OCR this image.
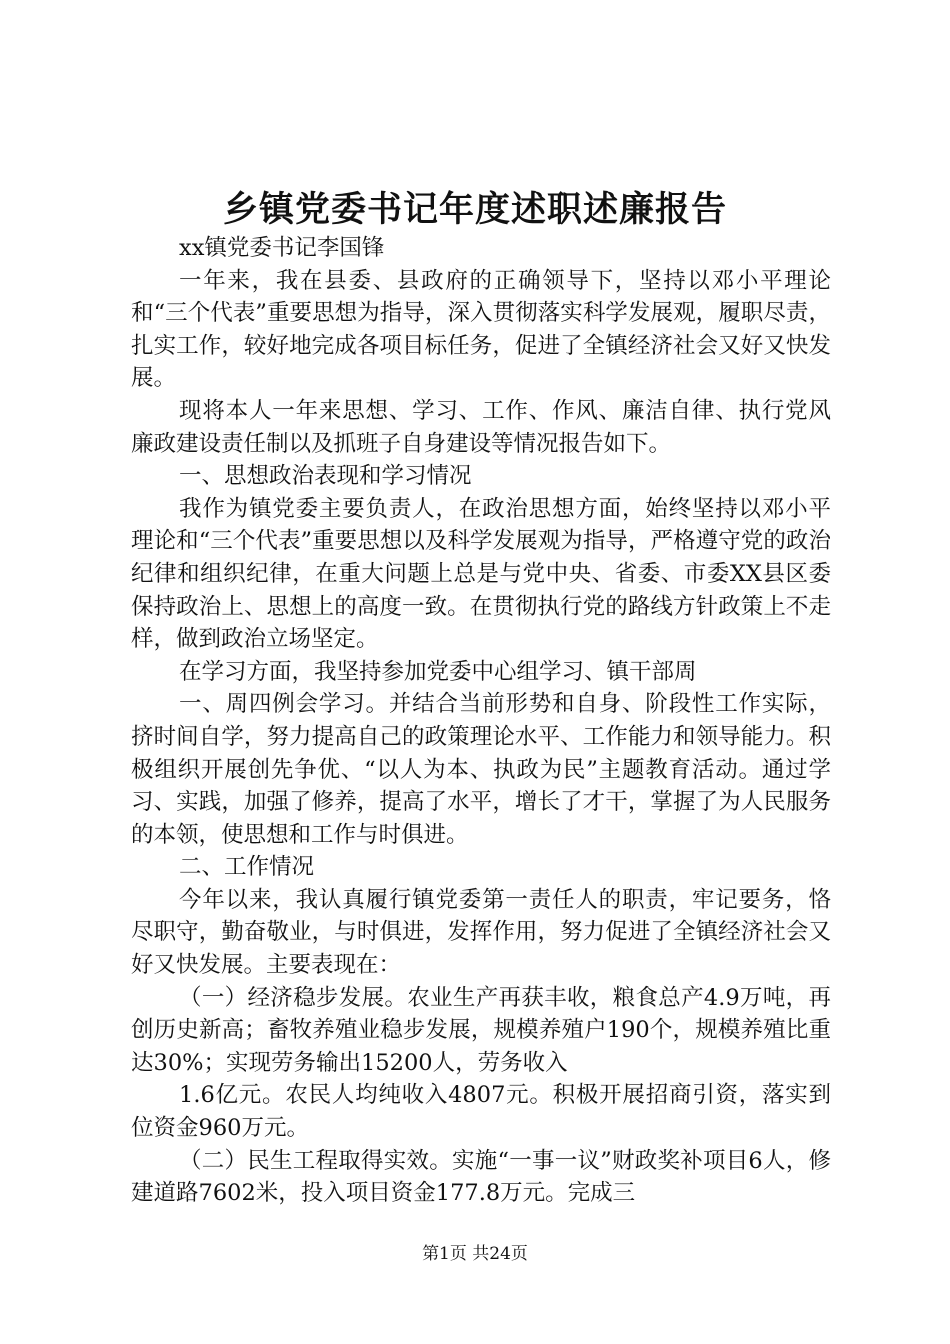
乡镇党委书记年度述职述廉报告

xx镇党委书记李国锋

一年来，我在县委、县政府的正确领导下，坚持以邓小平理论和“三个代表”重要思想为指导，深入贯彻落实科学发展观，履职尽责，扎实工作，较好地完成各项目标任务，促进了全镇经济社会又好又快发展。

现将本人一年来思想、学习、工作、作风、廉洁自律、执行党风廉政建设责任制以及抓班子自身建设等情况报告如下。

一、思想政治表现和学习情况

我作为镇党委主要负责人，在政治思想方面，始终坚持以邓小平理论和“三个代表”重要思想以及科学发展观为指导，严格遵守党的政治纪律和组织纪律，在重大问题上总是与党中央、省委、市委XX县区委保持政治上、思想上的高度一致。在贯彻执行党的路线方针政策上不走样，做到政治立场坚定。

在学习方面，我坚持参加党委中心组学习、镇干部周

一、周四例会学习。并结合当前形势和自身、阶段性工作实际，挤时间自学，努力提高自己的政策理论水平、工作能力和领导能力。积极组织开展创先争优、“以人为本、执政为民”主题教育活动。通过学习、实践，加强了修养，提高了水平，增长了才干，掌握了为人民服务的本领，使思想和工作与时俱进。

二、工作情况

今年以来，我认真履行镇党委第一责任人的职责，牢记要务，恪尽职守，勤奋敬业，与时俱进，发挥作用，努力促进了全镇经济社会又好又快发展。主要表现在：

（一）经济稳步发展。农业生产再获丰收，粮食总产4.9万吨，再创历史新高；畜牧养殖业稳步发展，规模养殖户190个，规模养殖比重达30%；实现劳务输出15200人，劳务收入

1.6亿元。农民人均纯收入4807元。积极开展招商引资，落实到位资金960万元。

（二）民生工程取得实效。实施“一事一议”财政奖补项目6人，修建道路7602米，投入项目资金177.8万元。完成三

第1页 共24页
